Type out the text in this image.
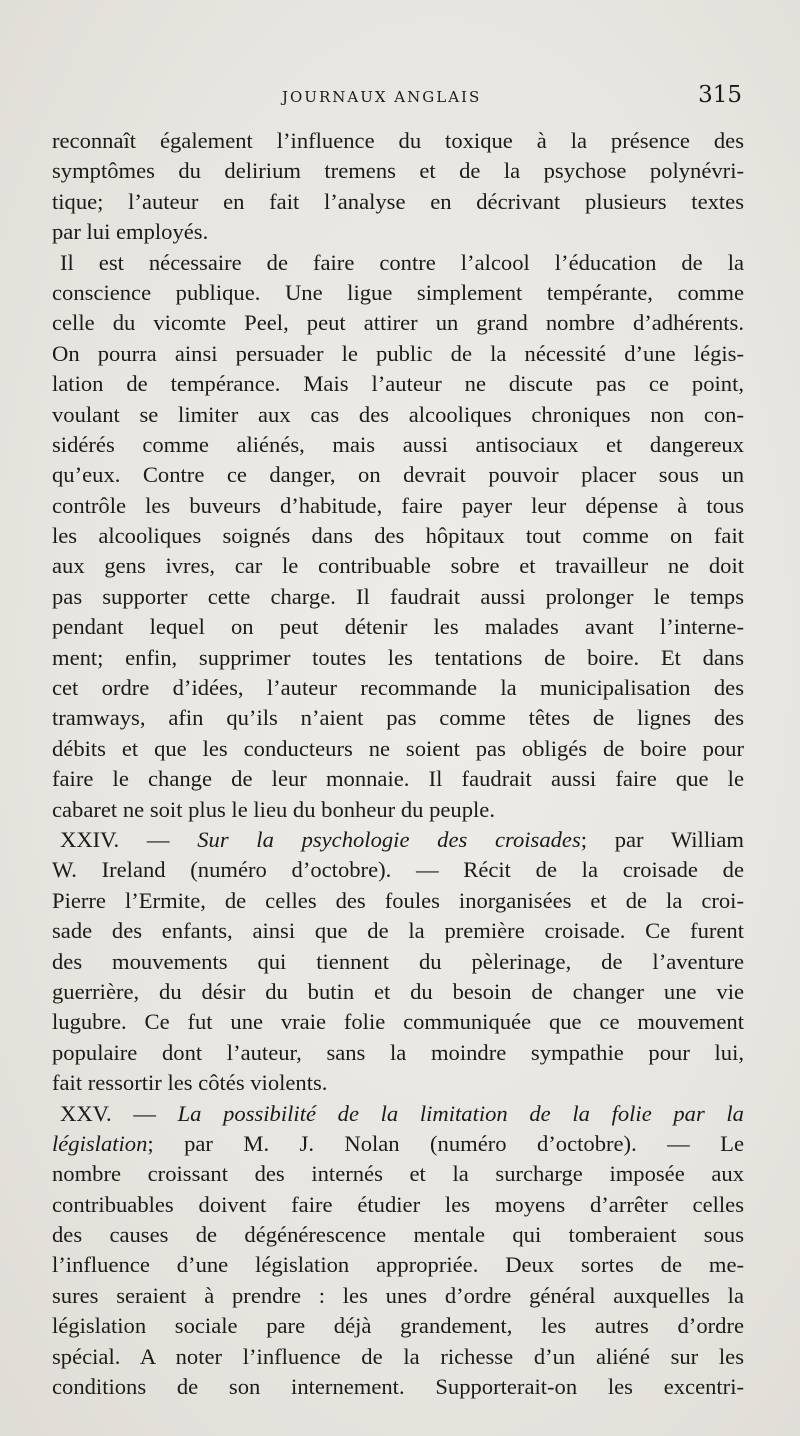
JOURNAUX ANGLAIS	315
reconnaît également l’influence du toxique à la présence des
symptômes du delirium tremens et de la psychose polynévri-
tique; l’auteur en fait l’analyse en décrivant plusieurs textes
par lui employés.
Il est nécessaire de faire contre l’alcool l’éducation de la
conscience publique. Une ligue simplement tempérante, comme
celle du vicomte Peel, peut attirer un grand nombre d’adhérents.
On pourra ainsi persuader le public de la nécessité d’une légis-
lation de tempérance. Mais l’auteur ne discute pas ce point,
voulant se limiter aux cas des alcooliques chroniques non con-
sidérés comme aliénés, mais aussi antisociaux et dangereux
qu’eux. Contre ce danger, on devrait pouvoir placer sous un
contrôle les buveurs d’habitude, faire payer leur dépense à tous
les alcooliques soignés dans des hôpitaux tout comme on fait
aux gens ivres, car le contribuable sobre et travailleur ne doit
pas supporter cette charge. Il faudrait aussi prolonger le temps
pendant lequel on peut détenir les malades avant l’interne-
ment; enfin, supprimer toutes les tentations de boire. Et dans
cet ordre d’idées, l’auteur recommande la municipalisation des
tramways, afin qu’ils n’aient pas comme têtes de lignes des
débits et que les conducteurs ne soient pas obligés de boire pour
faire le change de leur monnaie. Il faudrait aussi faire que le
cabaret ne soit plus le lieu du bonheur du peuple.
XXIV. — Sur la psychologie des croisades; par William
W. Ireland (numéro d’octobre). — Récit de la croisade de
Pierre l’Ermite, de celles des foules inorganisées et de la croi-
sade des enfants, ainsi que de la première croisade. Ce furent
des mouvements qui tiennent du pèlerinage, de l’aventure
guerrière, du désir du butin et du besoin de changer une vie
lugubre. Ce fut une vraie folie communiquée que ce mouvement
populaire dont l’auteur, sans la moindre sympathie pour lui,
fait ressortir les côtés violents.
XXV. — La possibilité de la limitation de la folie par la
législation; par M. J. Nolan (numéro d’octobre). — Le
nombre croissant des internés et la surcharge imposée aux
contribuables doivent faire étudier les moyens d’arrêter celles
des causes de dégénérescence mentale qui tomberaient sous
l’influence d’une législation appropriée. Deux sortes de me-
sures seraient à prendre : les unes d’ordre général auxquelles la
législation sociale pare déjà grandement, les autres d’ordre
spécial. A noter l’influence de la richesse d’un aliéné sur les
conditions de son internement. Supporterait-on les excentri-
